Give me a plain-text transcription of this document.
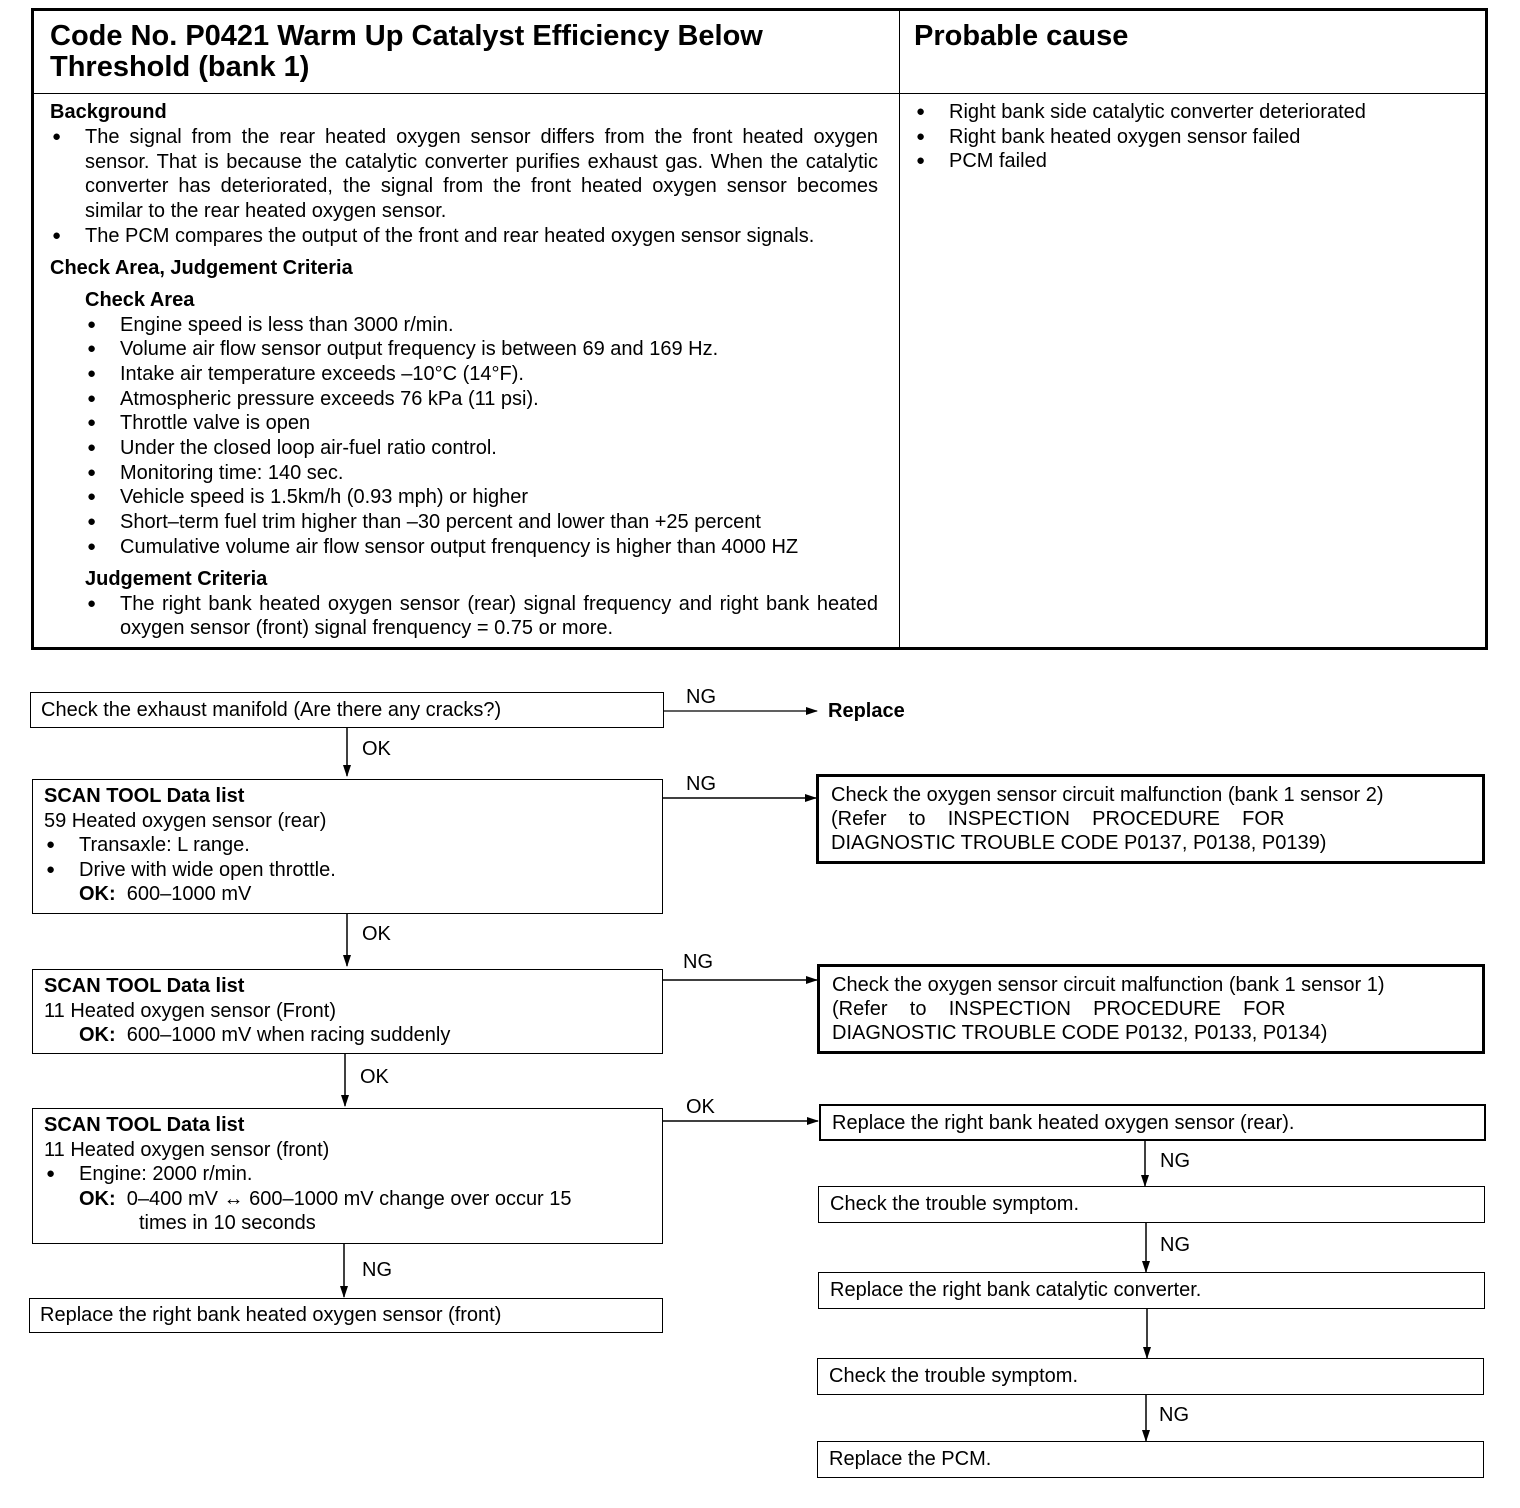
Code No. P0421 Warm Up Catalyst Efficiency Below
Threshold (bank 1)
Probable cause
Background
● The signal from the rear heated oxygen sensor differs from the front heated oxygen sensor. That is because the catalytic converter purifies exhaust gas. When the catalytic converter has deteriorated, the signal from the front heated oxygen sensor becomes similar to the rear heated oxygen sensor.
● The PCM compares the output of the front and rear heated oxygen sensor signals.
Check Area, Judgement Criteria
Check Area
● Engine speed is less than 3000 r/min.
● Volume air flow sensor output frequency is between 69 and 169 Hz.
● Intake air temperature exceeds –10°C (14°F).
● Atmospheric pressure exceeds 76 kPa (11 psi).
● Throttle valve is open
● Under the closed loop air-fuel ratio control.
● Monitoring time: 140 sec.
● Vehicle speed is 1.5km/h (0.93 mph) or higher
● Short–term fuel trim higher than –30 percent and lower than +25 percent
● Cumulative volume air flow sensor output frenquency is higher than 4000 HZ
Judgement Criteria
● The right bank heated oxygen sensor (rear) signal frequency and right bank heated oxygen sensor (front) signal frenquency = 0.75 or more.
● Right bank side catalytic converter deteriorated
● Right bank heated oxygen sensor failed
● PCM failed
Check the exhaust manifold (Are there any cracks?)
NG
Replace
OK
SCAN TOOL Data list
59 Heated oxygen sensor (rear)
● Transaxle: L range.
● Drive with wide open throttle.
OK: 600–1000 mV
NG	Check the oxygen sensor circuit malfunction (bank 1 sensor 2)
(Refer    to    INSPECTION    PROCEDURE    FOR
DIAGNOSTIC TROUBLE CODE P0137, P0138, P0139)
OK
SCAN TOOL Data list
11 Heated oxygen sensor (Front)
OK: 600–1000 mV when racing suddenly
NG
Check the oxygen sensor circuit malfunction (bank 1 sensor 1)
(Refer    to    INSPECTION    PROCEDURE    FOR
DIAGNOSTIC TROUBLE CODE P0132, P0133, P0134)
OK
SCAN TOOL Data list
11 Heated oxygen sensor (front)
● Engine: 2000 r/min.
OK: 0–400 mV ↔ 600–1000 mV change over occur 15
times in 10 seconds
OK
NG
Replace the right bank heated oxygen sensor (front)
Replace the right bank heated oxygen sensor (rear).
NG
Check the trouble symptom.
NG
Replace the right bank catalytic converter.
Check the trouble symptom.
NG
Replace the PCM.
